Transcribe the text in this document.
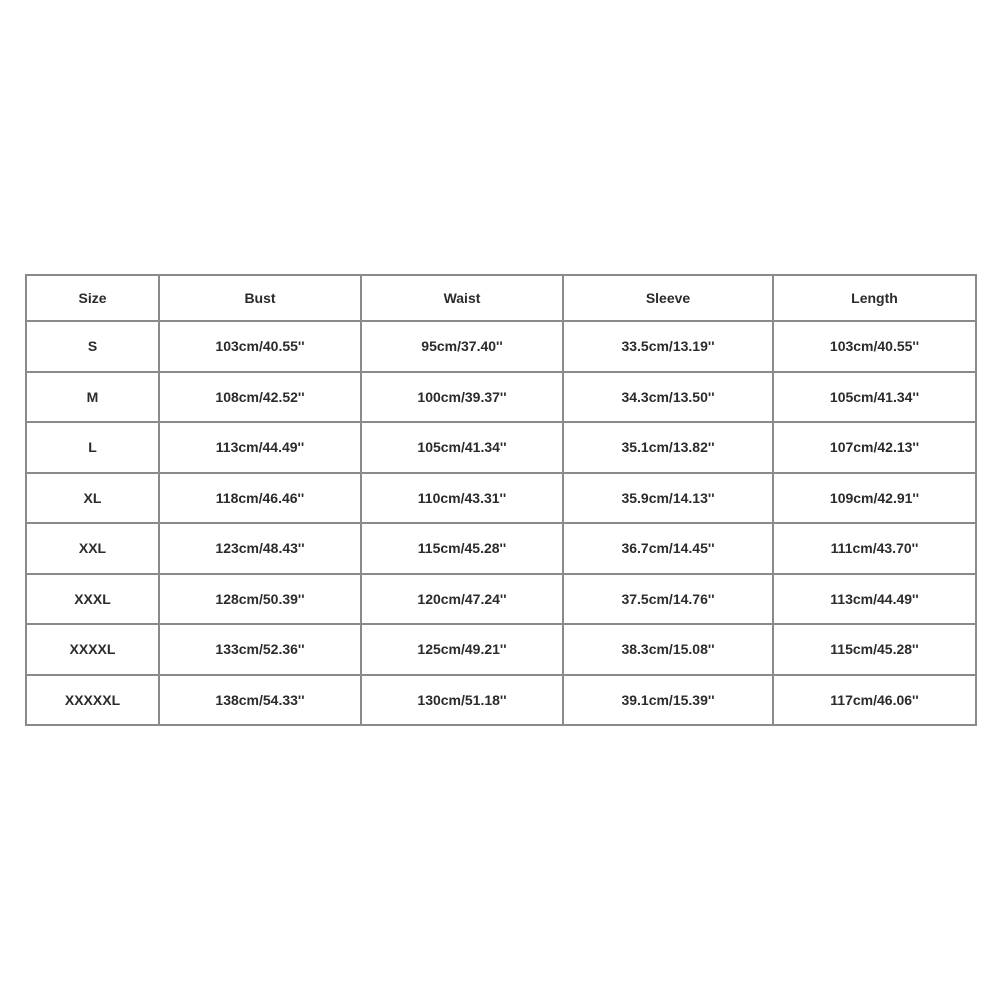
Size	Bust	Waist	Sleeve	Length
S	103cm/40.55''	95cm/37.40''	33.5cm/13.19''	103cm/40.55''
M	108cm/42.52''	100cm/39.37''	34.3cm/13.50''	105cm/41.34''
L	113cm/44.49''	105cm/41.34''	35.1cm/13.82''	107cm/42.13''
XL	118cm/46.46''	110cm/43.31''	35.9cm/14.13''	109cm/42.91''
XXL	123cm/48.43''	115cm/45.28''	36.7cm/14.45''	111cm/43.70''
XXXL	128cm/50.39''	120cm/47.24''	37.5cm/14.76''	113cm/44.49''
XXXXL	133cm/52.36''	125cm/49.21''	38.3cm/15.08''	115cm/45.28''
XXXXXL	138cm/54.33''	130cm/51.18''	39.1cm/15.39''	117cm/46.06''
